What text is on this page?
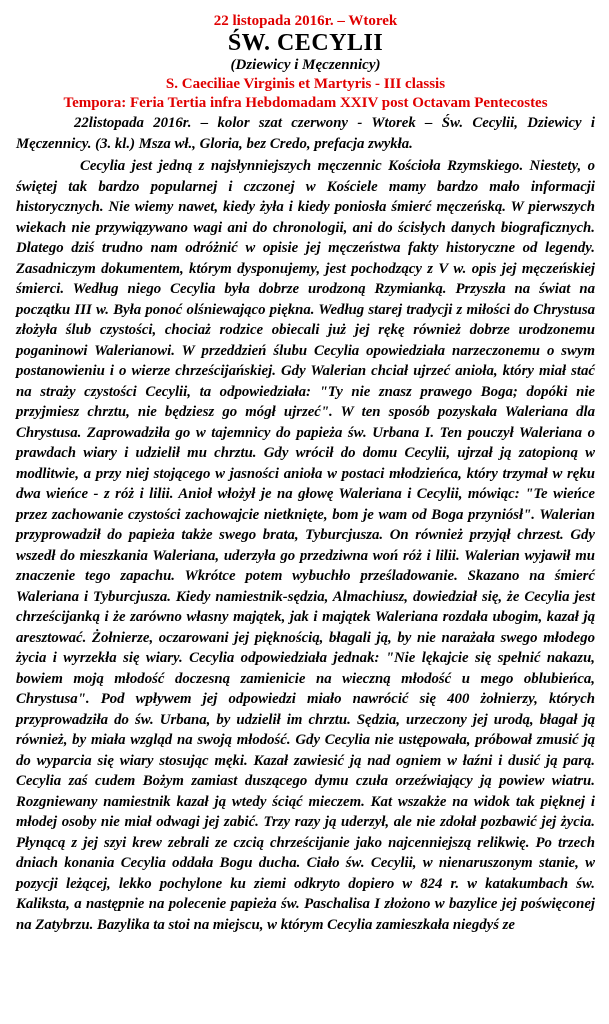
22 listopada 2016r. – Wtorek

ŚW. CECYLII

(Dziewicy i Męczennicy)

S. Caeciliae Virginis et Martyris - III classis

Tempora: Feria Tertia infra Hebdomadam XXIV post Octavam Pentecostes

22listopada 2016r. – kolor szat czerwony - Wtorek – Św. Cecylii, Dziewicy i Męczennicy. (3. kl.) Msza wł., Gloria, bez Credo, prefacja zwykła.

Cecylia jest jedną z najsłynniejszych męczennic Kościoła Rzymskiego. Niestety, o świętej tak bardzo popularnej i czczonej w Kościele mamy bardzo mało informacji historycznych. Nie wiemy nawet, kiedy żyła i kiedy poniosła śmierć męczeńską. W pierwszych wiekach nie przywiązywano wagi ani do chronologii, ani do ścisłych danych biograficznych. Dlatego dziś trudno nam odróżnić w opisie jej męczeństwa fakty historyczne od legendy. Zasadniczym dokumentem, którym dysponujemy, jest pochodzący z V w. opis jej męczeńskiej śmierci. Według niego Cecylia była dobrze urodzoną Rzymianką. Przyszła na świat na początku III w. Była ponoć olśniewająco piękna. Według starej tradycji z miłości do Chrystusa złożyła ślub czystości, chociaż rodzice obiecali już jej rękę również dobrze urodzonemu poganinowi Walerianowi. W przeddzień ślubu Cecylia opowiedziała narzeczonemu o swym postanowieniu i o wierze chrześcijańskiej. Gdy Walerian chciał ujrzeć anioła, który miał stać na straży czystości Cecylii, ta odpowiedziała: "Ty nie znasz prawego Boga; dopóki nie przyjmiesz chrztu, nie będziesz go mógł ujrzeć". W ten sposób pozyskała Waleriana dla Chrystusa. Zaprowadziła go w tajemnicy do papieża św. Urbana I. Ten pouczył Waleriana o prawdach wiary i udzielił mu chrztu. Gdy wrócił do domu Cecylii, ujrzał ją zatopioną w modlitwie, a przy niej stojącego w jasności anioła w postaci młodzieńca, który trzymał w ręku dwa wieńce - z róż i lilii. Anioł włożył je na głowę Waleriana i Cecylii, mówiąc: "Te wieńce przez zachowanie czystości zachowajcie nietknięte, bom je wam od Boga przyniósł". Walerian przyprowadził do papieża także swego brata, Tyburcjusza. On również przyjął chrzest. Gdy wszedł do mieszkania Waleriana, uderzyła go przedziwna woń róż i lilii. Walerian wyjawił mu znaczenie tego zapachu. Wkrótce potem wybuchło prześladowanie. Skazano na śmierć Waleriana i Tyburcjusza. Kiedy namiestnik-sędzia, Almachiusz, dowiedział się, że Cecylia jest chrześcijanką i że zarówno własny majątek, jak i majątek Waleriana rozdała ubogim, kazał ją aresztować. Żołnierze, oczarowani jej pięknością, błagali ją, by nie narażała swego młodego życia i wyrzekła się wiary. Cecylia odpowiedziała jednak: "Nie lękajcie się spełnić nakazu, bowiem moją młodość doczesną zamienicie na wieczną młodość u mego oblubieńca, Chrystusa". Pod wpływem jej odpowiedzi miało nawrócić się 400 żołnierzy, których przyprowadziła do św. Urbana, by udzielił im chrztu. Sędzia, urzeczony jej urodą, błagał ją również, by miała wzgląd na swoją młodość. Gdy Cecylia nie ustępowała, próbował zmusić ją do wyparcia się wiary stosując męki. Kazał zawiesić ją nad ogniem w łaźni i dusić ją parą. Cecylia zaś cudem Bożym zamiast duszącego dymu czuła orzeźwiający ją powiew wiatru. Rozgniewany namiestnik kazał ją wtedy ściąć mieczem. Kat wszakże na widok tak pięknej i młodej osoby nie miał odwagi jej zabić. Trzy razy ją uderzył, ale nie zdołał pozbawić jej życia. Płynącą z jej szyi krew zebrali ze czcią chrześcijanie jako najcenniejszą relikwię. Po trzech dniach konania Cecylia oddała Bogu ducha. Ciało św. Cecylii, w nienaruszonym stanie, w pozycji leżącej, lekko pochylone ku ziemi odkryto dopiero w 824 r. w katakumbach św. Kaliksta, a następnie na polecenie papieża św. Paschalisa I złożono w bazylice jej poświęconej na Zatybrzu. Bazylika ta stoi na miejscu, w którym Cecylia zamieszkała niegdyś ze
